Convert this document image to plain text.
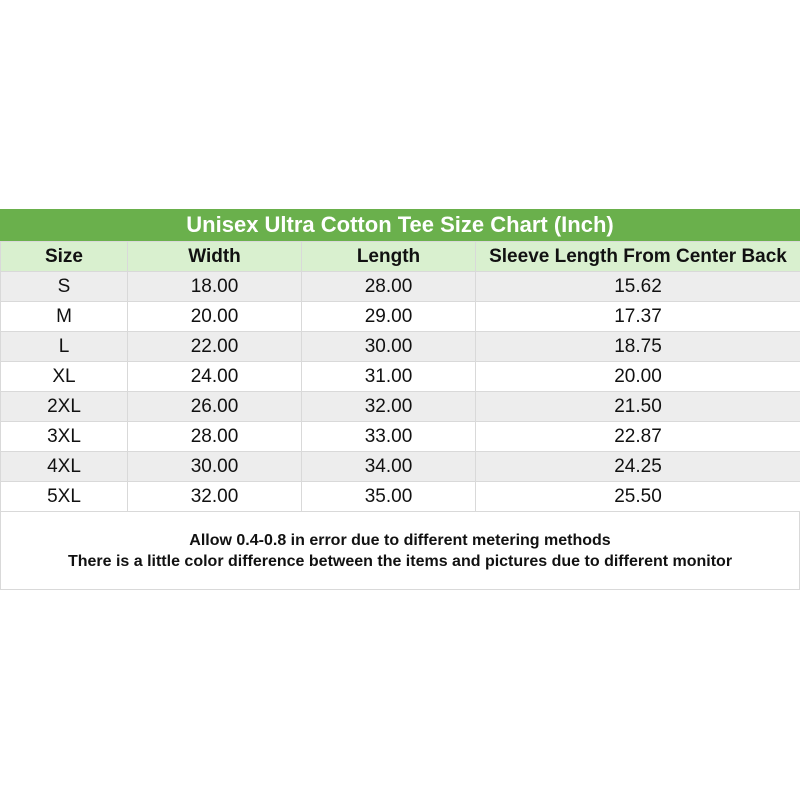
Unisex Ultra Cotton Tee Size Chart (Inch)
Size	Width	Length	Sleeve Length From Center Back
S	18.00	28.00	15.62
M	20.00	29.00	17.37
L	22.00	30.00	18.75
XL	24.00	31.00	20.00
2XL	26.00	32.00	21.50
3XL	28.00	33.00	22.87
4XL	30.00	34.00	24.25
5XL	32.00	35.00	25.50
Allow 0.4-0.8 in error due to different metering methods
There is a little color difference between the items and pictures due to different monitor
